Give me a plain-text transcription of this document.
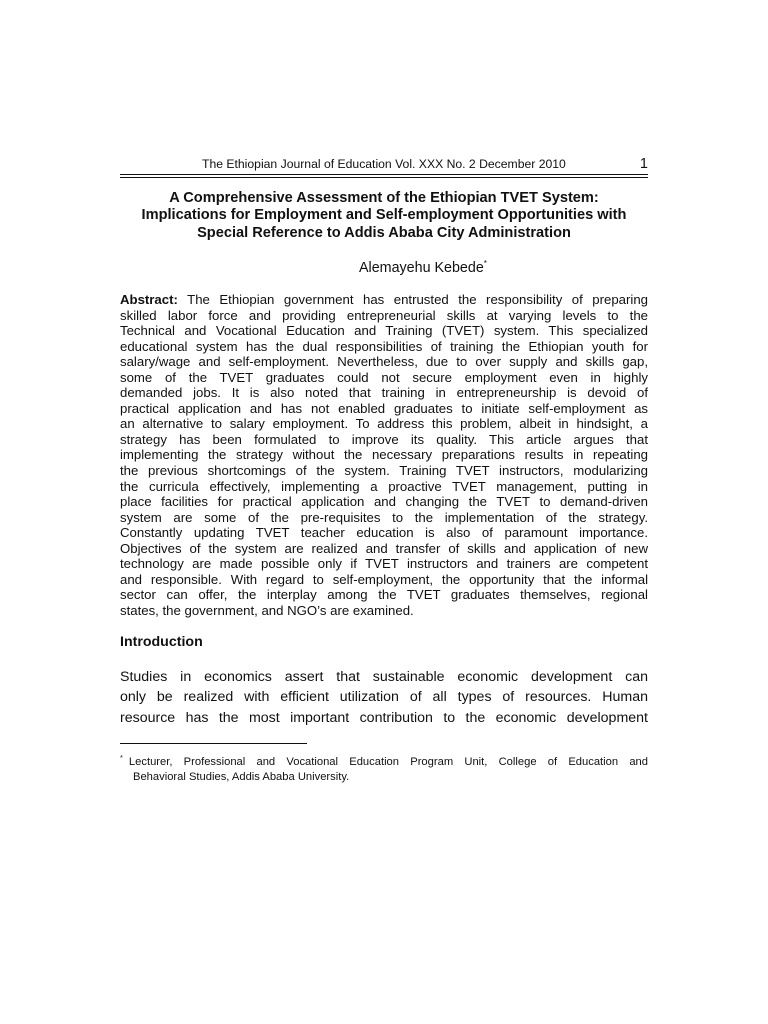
The Ethiopian Journal of Education Vol. XXX No. 2 December 2010	1
A Comprehensive Assessment of the Ethiopian TVET System:
Implications for Employment and Self-employment Opportunities with
Special Reference to Addis Ababa City Administration
Alemayehu Kebede*
Abstract: The Ethiopian government has entrusted the responsibility of preparing
skilled labor force and providing entrepreneurial skills at varying levels to the
Technical and Vocational Education and Training (TVET) system. This specialized
educational system has the dual responsibilities of training the Ethiopian youth for
salary/wage and self-employment. Nevertheless, due to over supply and skills gap,
some of the TVET graduates could not secure employment even in highly
demanded jobs. It is also noted that training in entrepreneurship is devoid of
practical application and has not enabled graduates to initiate self-employment as
an alternative to salary employment. To address this problem, albeit in hindsight, a
strategy has been formulated to improve its quality. This article argues that
implementing the strategy without the necessary preparations results in repeating
the previous shortcomings of the system. Training TVET instructors, modularizing
the curricula effectively, implementing a proactive TVET management, putting in
place facilities for practical application and changing the TVET to demand-driven
system are some of the pre-requisites to the implementation of the strategy.
Constantly updating TVET teacher education is also of paramount importance.
Objectives of the system are realized and transfer of skills and application of new
technology are made possible only if TVET instructors and trainers are competent
and responsible. With regard to self-employment, the opportunity that the informal
sector can offer, the interplay among the TVET graduates themselves, regional
states, the government, and NGO’s are examined.
Introduction
Studies in economics assert that sustainable economic development can
only be realized with efficient utilization of all types of resources. Human
resource has the most important contribution to the economic development
* Lecturer, Professional and Vocational Education Program Unit, College of Education and
Behavioral Studies, Addis Ababa University.
